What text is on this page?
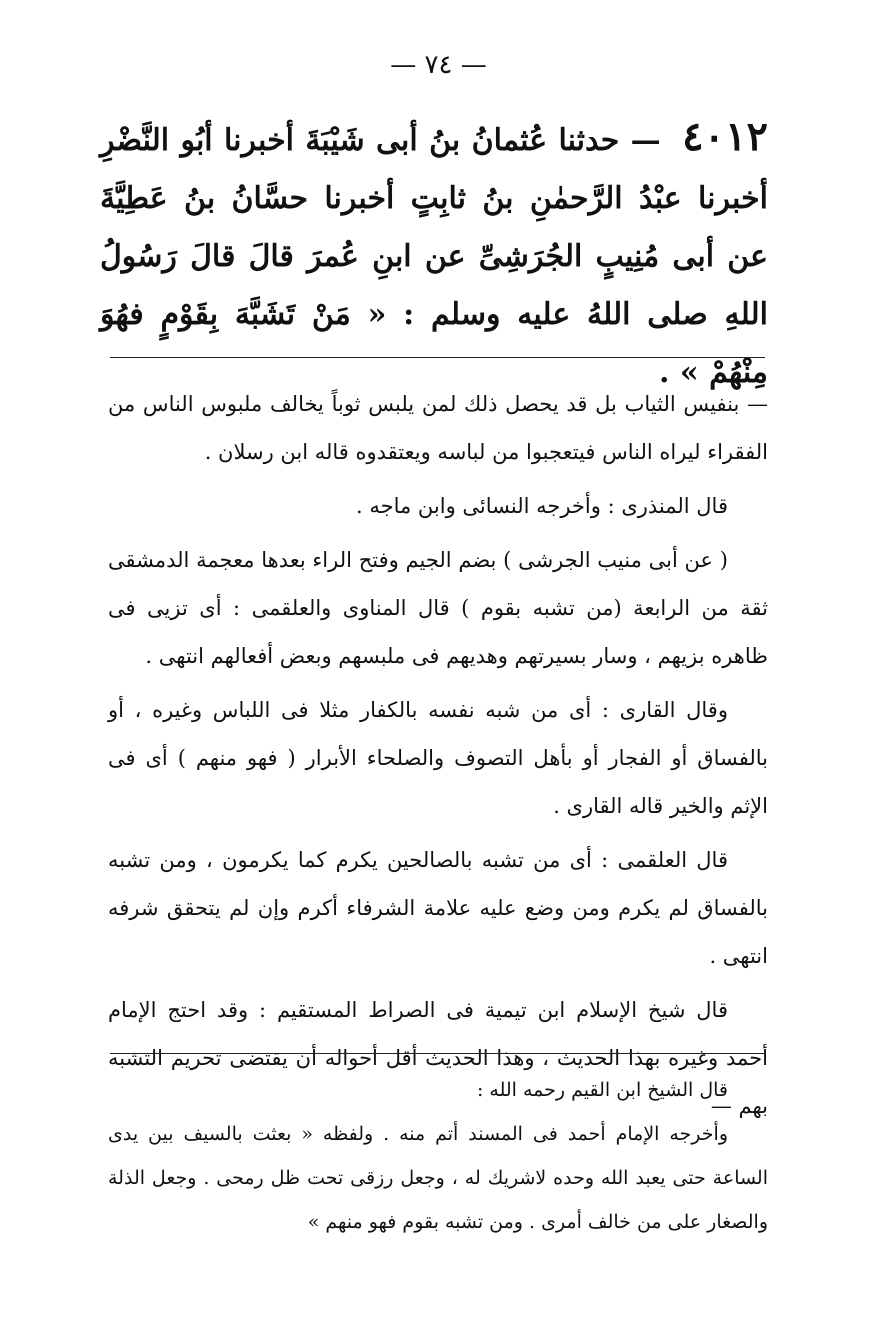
— ٧٤ —
٤٠١٢ — حدثنا عُثمانُ بنُ أبى شَيْبَةَ أخبرنا أبُو النَّضْرِ أخبرنا عبْدُ الرَّحمٰنِ بنُ ثابِتٍ أخبرنا حسَّانُ بنُ عَطِيَّةَ عن أبى مُنِيبٍ الجُرَشِىِّ عن ابنِ عُمرَ قالَ قالَ رَسُولُ اللهِ صلى اللهُ عليه وسلم : « مَنْ تَشَبَّهَ بِقَوْمٍ فهُوَ مِنْهُمْ » .

— بنفيس الثياب بل قد يحصل ذلك لمن يلبس ثوباً يخالف ملبوس الناس من الفقراء ليراه الناس فيتعجبوا من لباسه ويعتقدوه قاله ابن رسلان .

قال المنذرى : وأخرجه النسائى وابن ماجه .

( عن أبى منيب الجرشى ) بضم الجيم وفتح الراء بعدها معجمة الدمشقى ثقة من الرابعة (من تشبه بقوم ) قال المناوى والعلقمى : أى تزيى فى ظاهره بزيهم ، وسار بسيرتهم وهديهم فى ملبسهم وبعض أفعالهم انتهى .

وقال القارى : أى من شبه نفسه بالكفار مثلا فى اللباس وغيره ، أو بالفساق أو الفجار أو بأهل التصوف والصلحاء الأبرار ( فهو منهم ) أى فى الإثم والخير قاله القارى .

قال العلقمى : أى من تشبه بالصالحين يكرم كما يكرمون ، ومن تشبه بالفساق لم يكرم ومن وضع عليه علامة الشرفاء أكرم وإن لم يتحقق شرفه انتهى .

قال شيخ الإسلام ابن تيمية فى الصراط المستقيم : وقد احتج الإمام أحمد وغيره بهذا الحديث ، وهذا الحديث أقل أحواله أن يقتضى تحريم التشبه بهم —

قال الشيخ ابن القيم رحمه الله :

وأخرجه الإمام أحمد فى المسند أتم منه . ولفظه « بعثت بالسيف بين يدى الساعة حتى يعبد الله وحده لاشريك له ، وجعل رزقى تحت ظل رمحى . وجعل الذلة والصغار على من خالف أمرى . ومن تشبه بقوم فهو منهم »
